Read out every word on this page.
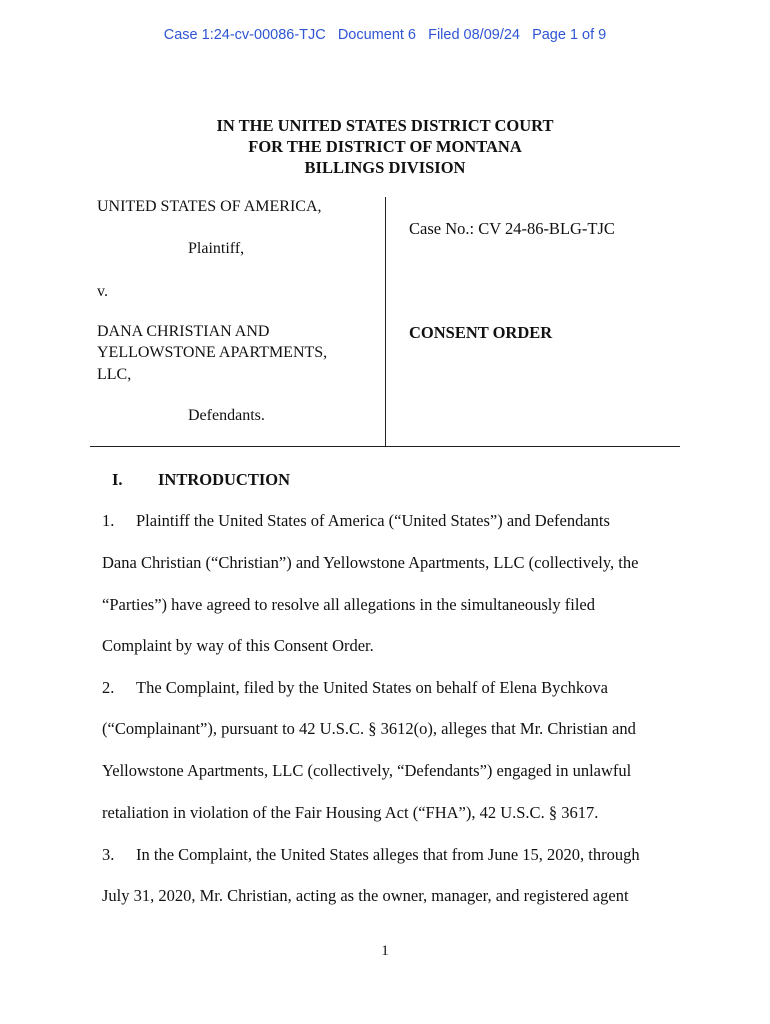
Case 1:24-cv-00086-TJC   Document 6   Filed 08/09/24   Page 1 of 9
IN THE UNITED STATES DISTRICT COURT
FOR THE DISTRICT OF MONTANA
BILLINGS DIVISION
UNITED STATES OF AMERICA,
Plaintiff,
v.
DANA CHRISTIAN AND
YELLOWSTONE APARTMENTS,
LLC,
Defendants.
Case No.: CV 24-86-BLG-TJC
CONSENT ORDER
I. INTRODUCTION
1. Plaintiff the United States of America (“United States”) and Defendants
Dana Christian (“Christian”) and Yellowstone Apartments, LLC (collectively, the
“Parties”) have agreed to resolve all allegations in the simultaneously filed
Complaint by way of this Consent Order.
2. The Complaint, filed by the United States on behalf of Elena Bychkova
(“Complainant”), pursuant to 42 U.S.C. § 3612(o), alleges that Mr. Christian and
Yellowstone Apartments, LLC (collectively, “Defendants”) engaged in unlawful
retaliation in violation of the Fair Housing Act (“FHA”), 42 U.S.C. § 3617.
3. In the Complaint, the United States alleges that from June 15, 2020, through
July 31, 2020, Mr. Christian, acting as the owner, manager, and registered agent
1
